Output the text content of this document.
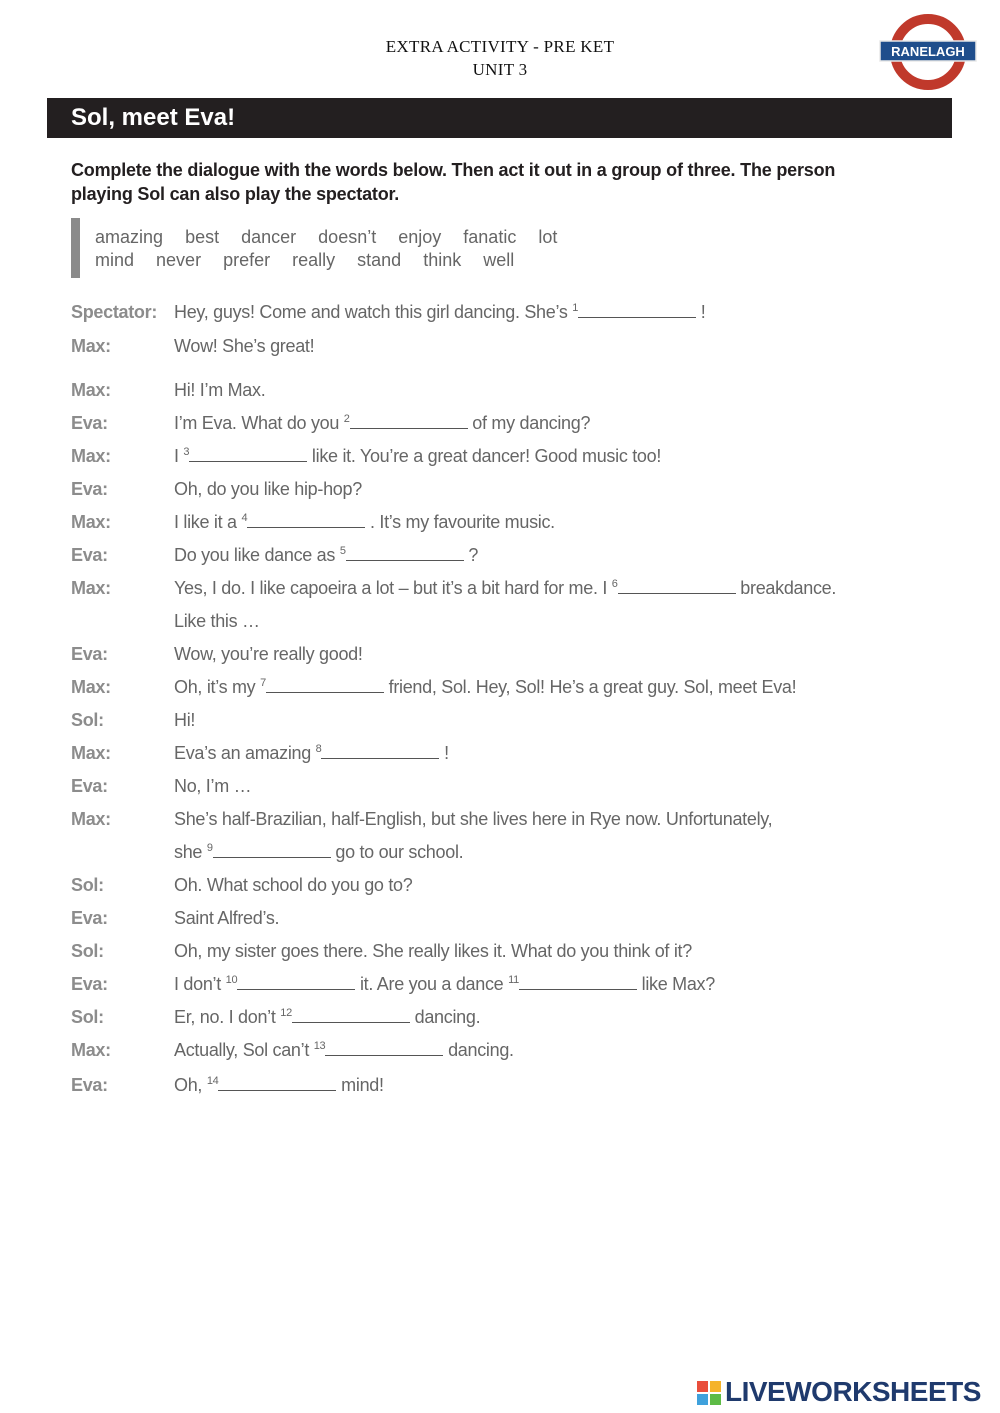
EXTRA ACTIVITY - PRE KET
UNIT 3
RANELAGH
Sol, meet Eva!
Complete the dialogue with the words below. Then act it out in a group of three. The person playing Sol can also play the spectator.
amazing best dancer doesn’t enjoy fanatic lot
mind never prefer really stand think well
Spectator: Hey, guys! Come and watch this girl dancing. She’s $^1$	!
Max:	Wow! She’s great!
Max:	Hi! I’m Max.
Eva:	I’m Eva. What do you $^2$	of my dancing?
Max:	I $^3$	like it. You’re a great dancer! Good music too!
Eva:	Oh, do you like hip-hop?
Max:	I like it a $^4$	. It’s my favourite music.
Eva:	Do you like dance as $^5$	?
Max:	Yes, I do. I like capoeira a lot – but it’s a bit hard for me. I $^6$	breakdance.
Like this …
Eva:	Wow, you’re really good!
Max:	Oh, it’s my $^7$	friend, Sol. Hey, Sol! He’s a great guy. Sol, meet Eva!
Sol:	Hi!
Max:	Eva’s an amazing $^8$	!
Eva:	No, I’m …
Max:	She’s half-Brazilian, half-English, but she lives here in Rye now. Unfortunately,
she $^9$	go to our school.
Sol:	Oh. What school do you go to?
Eva:	Saint Alfred’s.
Sol:	Oh, my sister goes there. She really likes it. What do you think of it?
Eva:	I don’t $^{10}$	it. Are you a dance $^{11}$	like Max?
Sol:	Er, no. I don’t $^{12}$	dancing.
Max:	Actually, Sol can’t $^{13}$	dancing.
Eva:	Oh, $^{14}$	mind!
LIVEWORKSHEETS
